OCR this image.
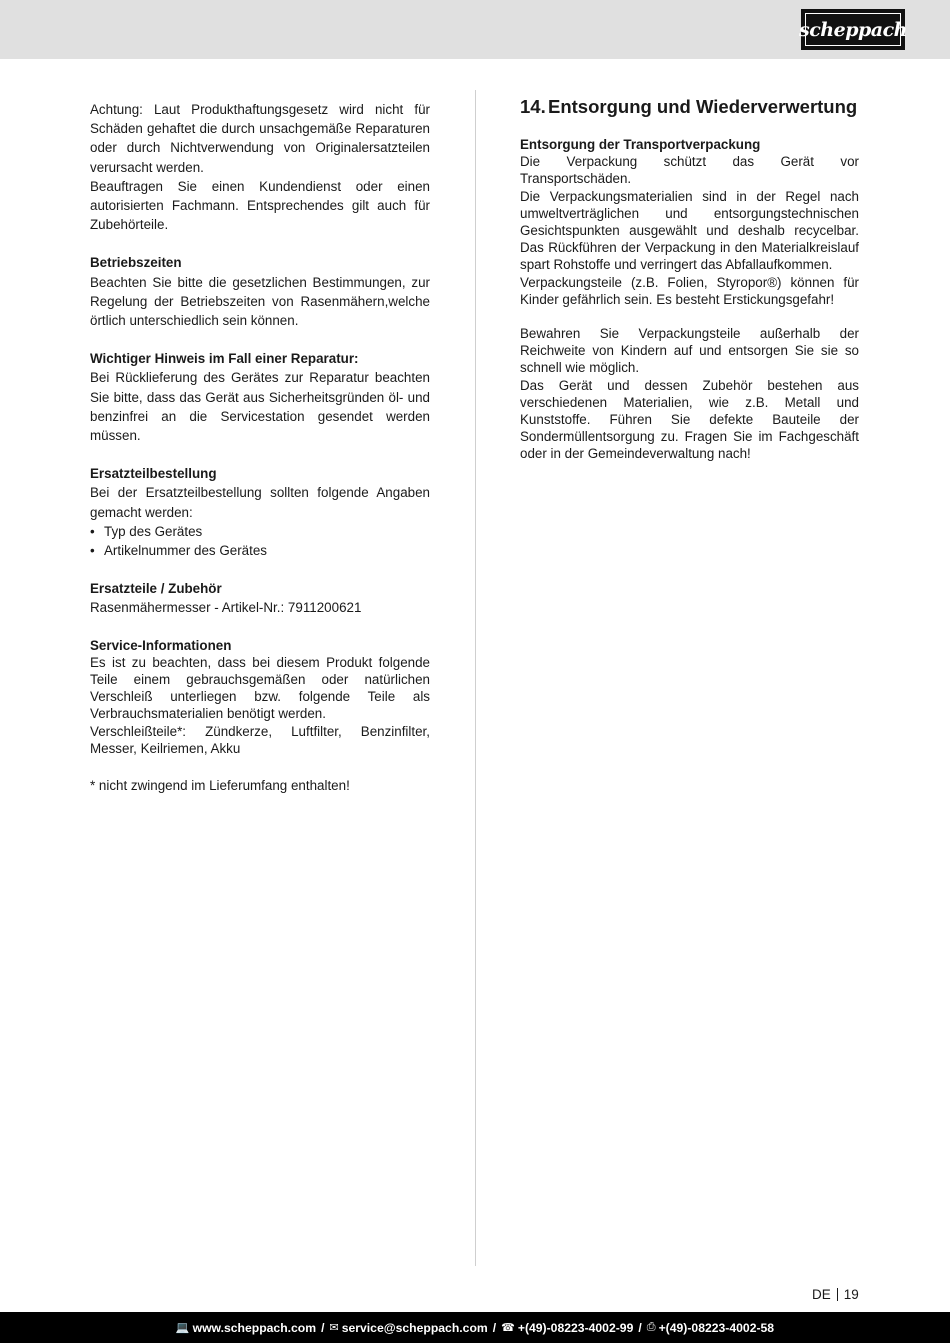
scheppach
Achtung: Laut Produkthaftungsgesetz wird nicht für Schäden gehaftet die durch unsachgemäße Reparaturen oder durch Nichtverwendung von Originalersatzteilen verursacht werden.
Beauftragen Sie einen Kundendienst oder einen autorisierten Fachmann. Entsprechendes gilt auch für Zubehörteile.
Betriebszeiten
Beachten Sie bitte die gesetzlichen Bestimmungen, zur Regelung der Betriebszeiten von Rasenmähern,welche örtlich unterschiedlich sein können.
Wichtiger Hinweis im Fall einer Reparatur:
Bei Rücklieferung des Gerätes zur Reparatur beachten Sie bitte, dass das Gerät aus Sicherheitsgründen öl- und benzinfrei an die Servicestation gesendet werden müssen.
Ersatzteilbestellung
Bei der Ersatzteilbestellung sollten folgende Angaben gemacht werden:
• Typ des Gerätes
• Artikelnummer des Gerätes
Ersatzteile / Zubehör
Rasenmähermesser - Artikel-Nr.: 7911200621
Service-Informationen
Es ist zu beachten, dass bei diesem Produkt folgende Teile einem gebrauchsgemäßen oder natürlichen Verschleiß unterliegen bzw. folgende Teile als Verbrauchsmaterialien benötigt werden.
Verschleißteile*: Zündkerze, Luftfilter, Benzinfilter, Messer, Keilriemen, Akku
* nicht zwingend im Lieferumfang enthalten!
14. Entsorgung und Wiederverwertung
Entsorgung der Transportverpackung
Die Verpackung schützt das Gerät vor Transportschäden.
Die Verpackungsmaterialien sind in der Regel nach umweltverträglichen und entsorgungstechnischen Gesichtspunkten ausgewählt und deshalb recycelbar. Das Rückführen der Verpackung in den Materialkreislauf spart Rohstoffe und verringert das Abfallaufkommen.
Verpackungsteile (z.B. Folien, Styropor®) können für Kinder gefährlich sein. Es besteht Erstickungsgefahr!
Bewahren Sie Verpackungsteile außerhalb der Reichweite von Kindern auf und entsorgen Sie sie so schnell wie möglich.
Das Gerät und dessen Zubehör bestehen aus verschiedenen Materialien, wie z.B. Metall und Kunststoffe. Führen Sie defekte Bauteile der Sondermüllentsorgung zu. Fragen Sie im Fachgeschäft oder in der Gemeindeverwaltung nach!
DE 19
💻 www.scheppach.com / ✉ service@scheppach.com / ☎ +(49)-08223-4002-99 / ⎙ +(49)-08223-4002-58
